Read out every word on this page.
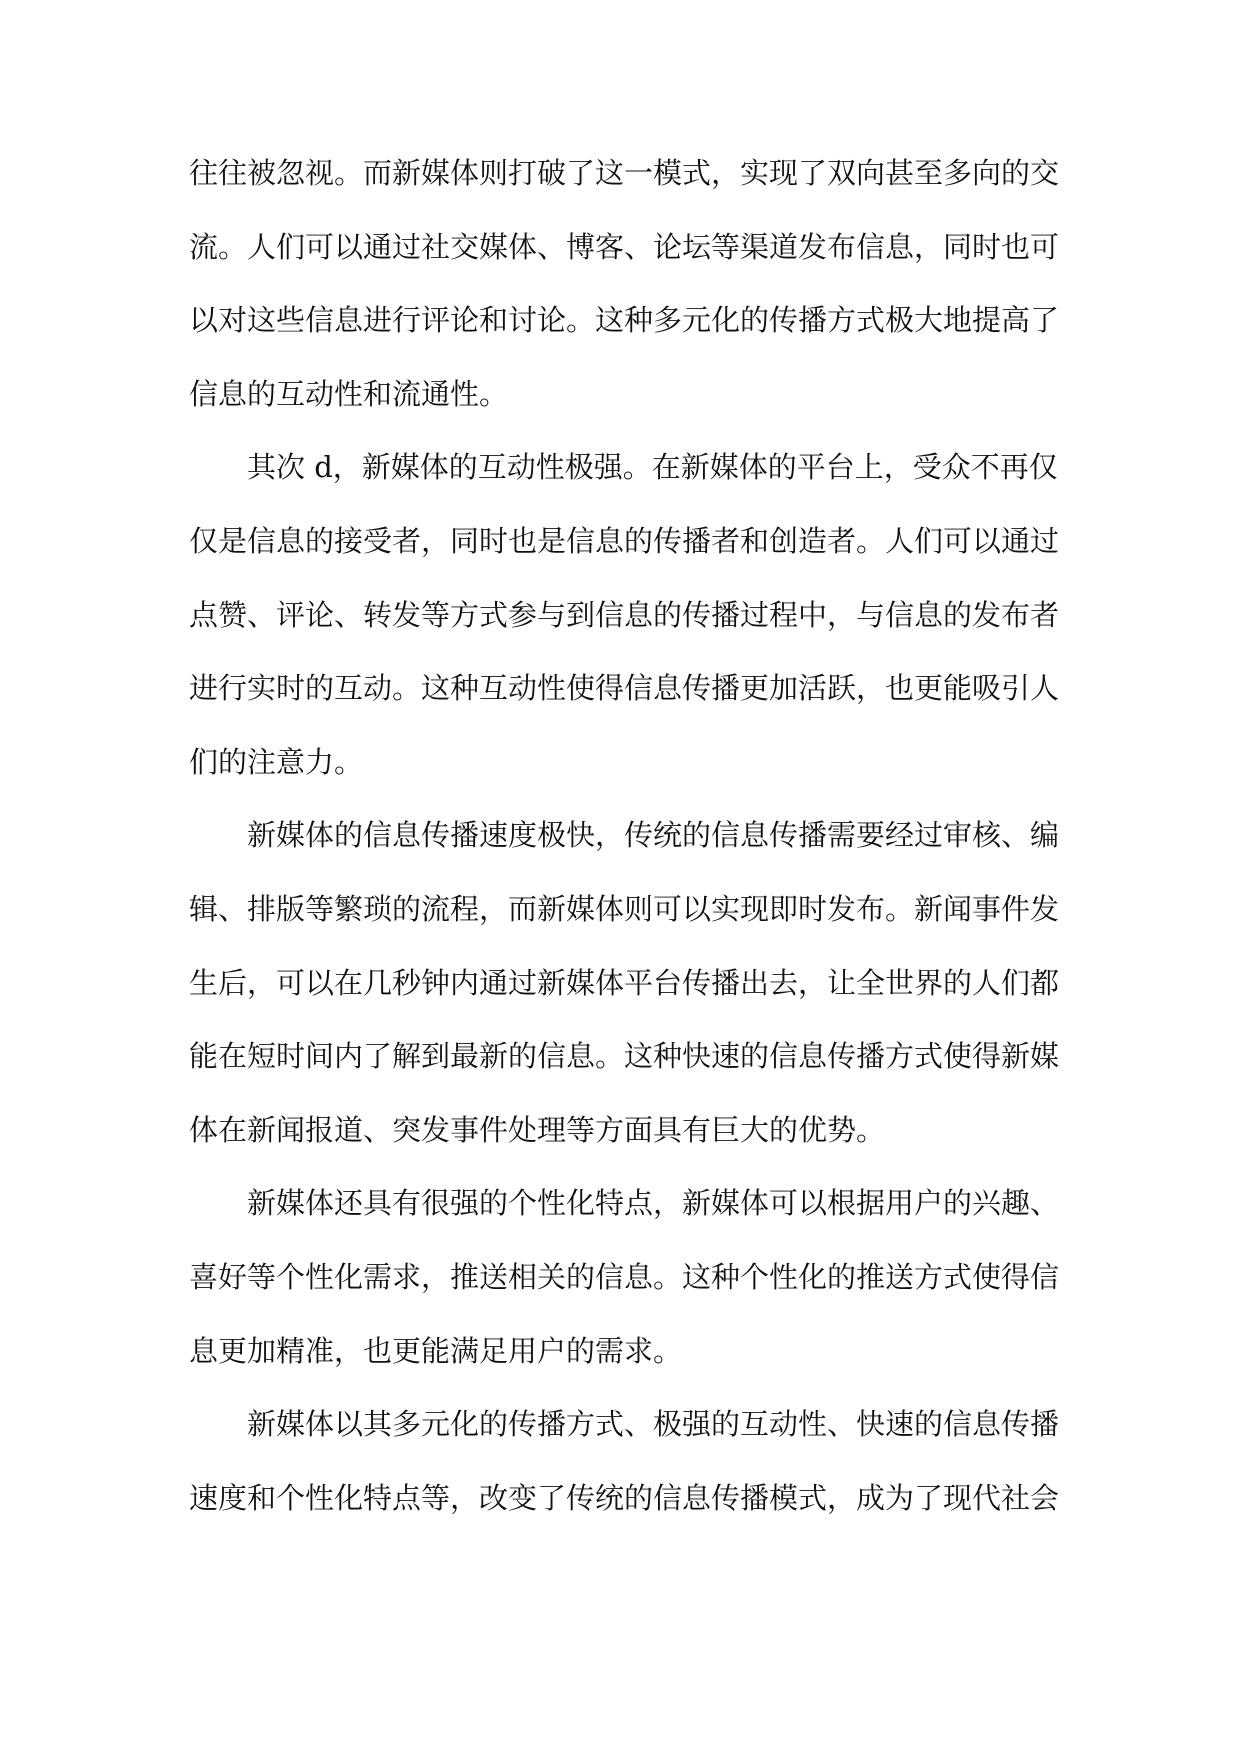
往往被忽视。而新媒体则打破了这一模式，实现了双向甚至多向的交
流。人们可以通过社交媒体、博客、论坛等渠道发布信息，同时也可
以对这些信息进行评论和讨论。这种多元化的传播方式极大地提高了
信息的互动性和流通性。
其次 d，新媒体的互动性极强。在新媒体的平台上，受众不再仅
仅是信息的接受者，同时也是信息的传播者和创造者。人们可以通过
点赞、评论、转发等方式参与到信息的传播过程中，与信息的发布者
进行实时的互动。这种互动性使得信息传播更加活跃，也更能吸引人
们的注意力。
新媒体的信息传播速度极快，传统的信息传播需要经过审核、编
辑、排版等繁琐的流程，而新媒体则可以实现即时发布。新闻事件发
生后，可以在几秒钟内通过新媒体平台传播出去，让全世界的人们都
能在短时间内了解到最新的信息。这种快速的信息传播方式使得新媒
体在新闻报道、突发事件处理等方面具有巨大的优势。
新媒体还具有很强的个性化特点，新媒体可以根据用户的兴趣、
喜好等个性化需求，推送相关的信息。这种个性化的推送方式使得信
息更加精准，也更能满足用户的需求。
新媒体以其多元化的传播方式、极强的互动性、快速的信息传播
速度和个性化特点等，改变了传统的信息传播模式，成为了现代社会
